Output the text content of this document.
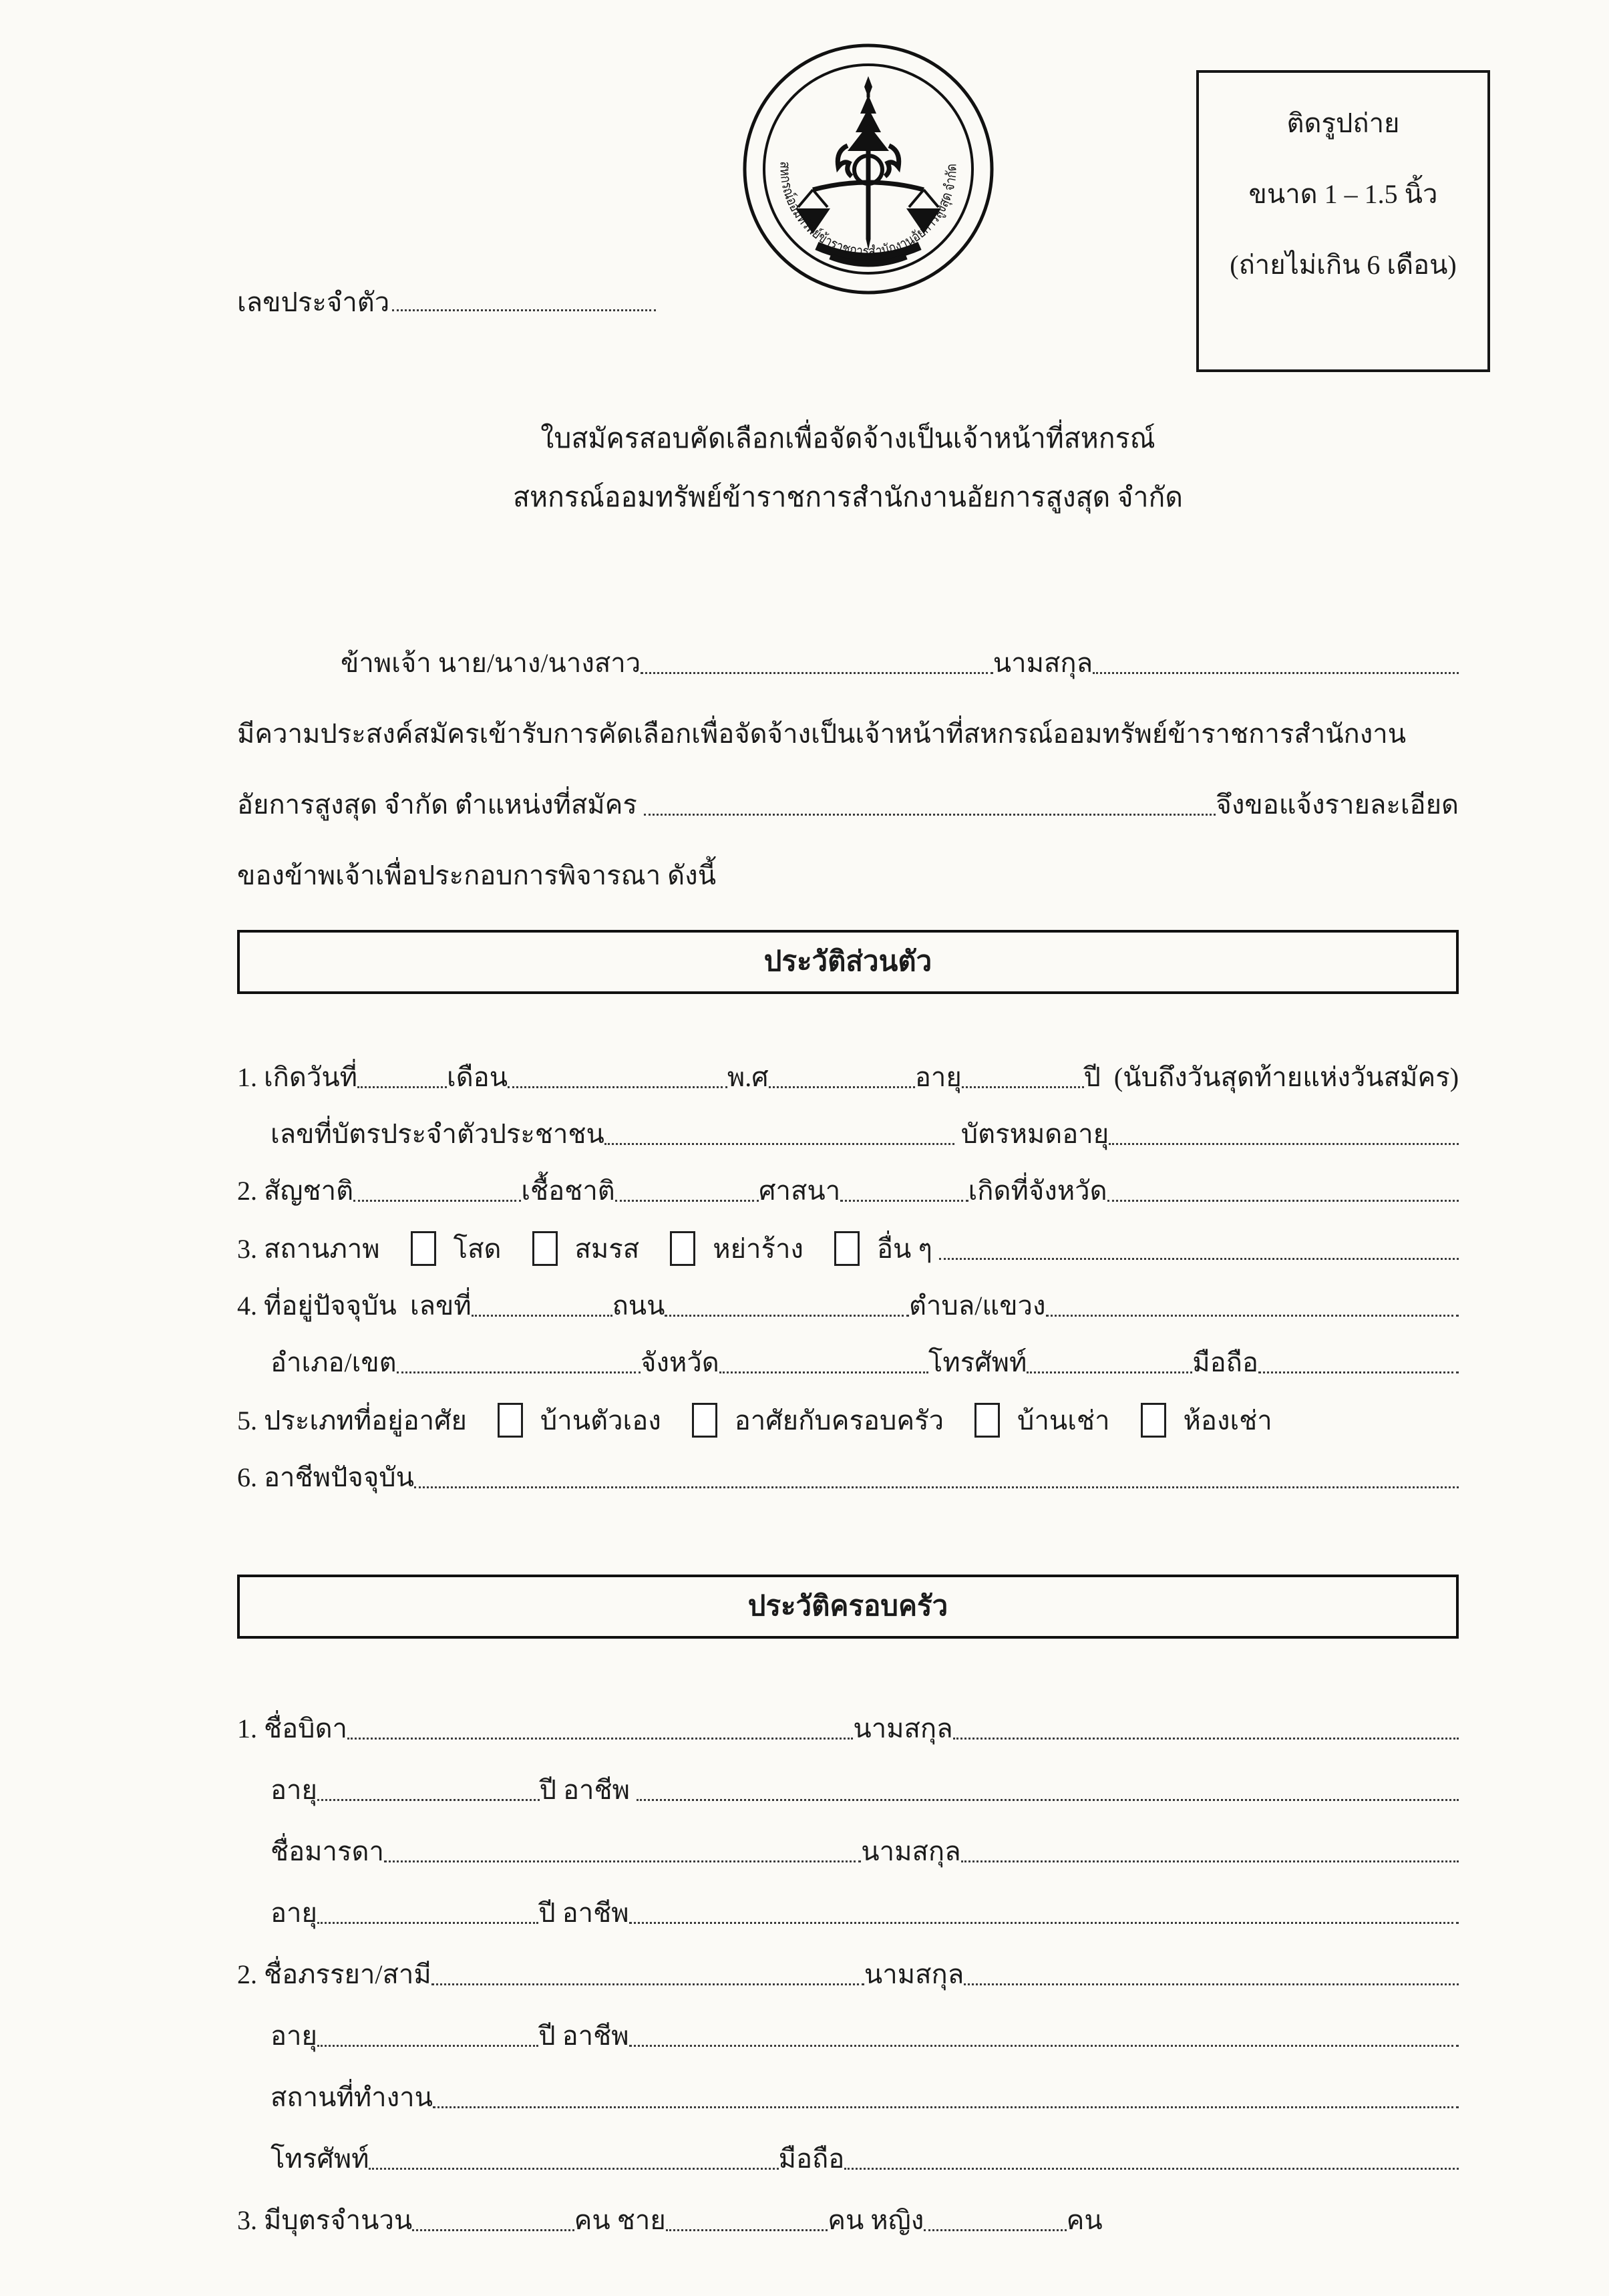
สหกรณ์ออมทรัพย์ข้าราชการสำนักงานอัยการสูงสุด จำกัด
ติดรูปถ่าย
ขนาด 1 – 1.5 นิ้ว
(ถ่ายไม่เกิน 6 เดือน)
เลขประจำตัว
ใบสมัครสอบคัดเลือกเพื่อจัดจ้างเป็นเจ้าหน้าที่สหกรณ์
สหกรณ์ออมทรัพย์ข้าราชการสำนักงานอัยการสูงสุด จำกัด
ข้าพเจ้า นาย/นาง/นางสาว	นามสกุล
มีความประสงค์สมัครเข้ารับการคัดเลือกเพื่อจัดจ้างเป็นเจ้าหน้าที่สหกรณ์ออมทรัพย์ข้าราชการสำนักงาน
อัยการสูงสุด จำกัด ตำแหน่งที่สมัคร	จึงขอแจ้งรายละเอียด
ของข้าพเจ้าเพื่อประกอบการพิจารณา ดังนี้
ประวัติส่วนตัว
1. เกิดวันที่	เดือน	พ.ศ	อายุ	ปี  (นับถึงวันสุดท้ายแห่งวันสมัคร)
เลขที่บัตรประจำตัวประชาชน	บัตรหมดอายุ
2. สัญชาติ	เชื้อชาติ	ศาสนา	เกิดที่จังหวัด
3. สถานภาพ	โสด	สมรส	หย่าร้าง	อื่น ๆ
4. ที่อยู่ปัจจุบัน  เลขที่	ถนน	ตำบล/แขวง
อำเภอ/เขต	จังหวัด	โทรศัพท์	มือถือ
5. ประเภทที่อยู่อาศัย	บ้านตัวเอง	อาศัยกับครอบครัว	บ้านเช่า	ห้องเช่า
6. อาชีพปัจจุบัน
ประวัติครอบครัว
1. ชื่อบิดา	นามสกุล
อายุ	ปี อาชีพ
ชื่อมารดา	นามสกุล
อายุ	ปี อาชีพ
2. ชื่อภรรยา/สามี	นามสกุล
อายุ	ปี อาชีพ
สถานที่ทำงาน
โทรศัพท์	มือถือ
3. มีบุตรจำนวน	คน ชาย	คน หญิง	คน
